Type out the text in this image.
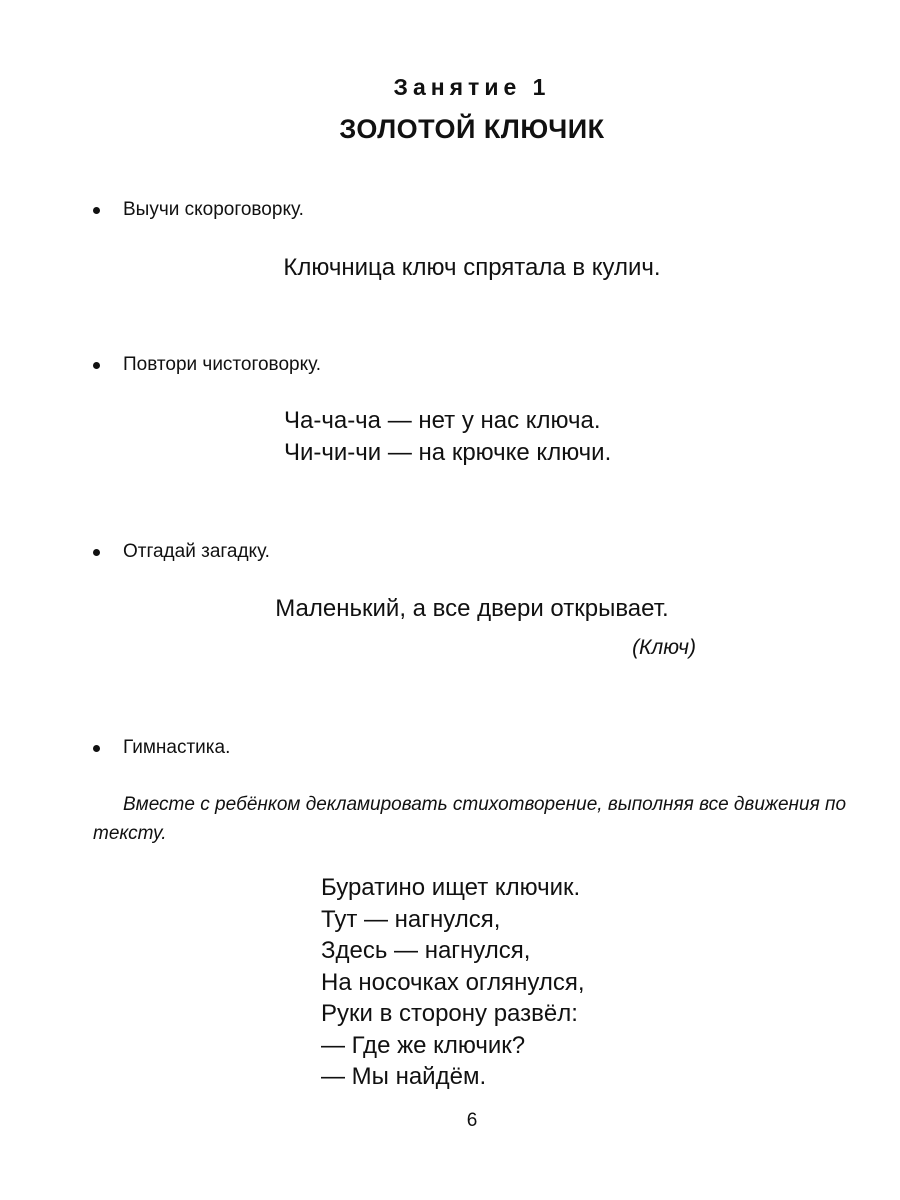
Занятие 1
ЗОЛОТОЙ КЛЮЧИК
Выучи скороговорку.
Ключница ключ спрятала в кулич.
Повтори чистоговорку.
Ча-ча-ча — нет у нас ключа.
Чи-чи-чи — на крючке ключи.
Отгадай загадку.
Маленький, а все двери открывает.
(Ключ)
Гимнастика.
Вместе с ребёнком декламировать стихотворение, выполняя все движения по тексту.
Буратино ищет ключик.
Тут — нагнулся,
Здесь — нагнулся,
На носочках оглянулся,
Руки в сторону развёл:
— Где же ключик?
— Мы найдём.
6
